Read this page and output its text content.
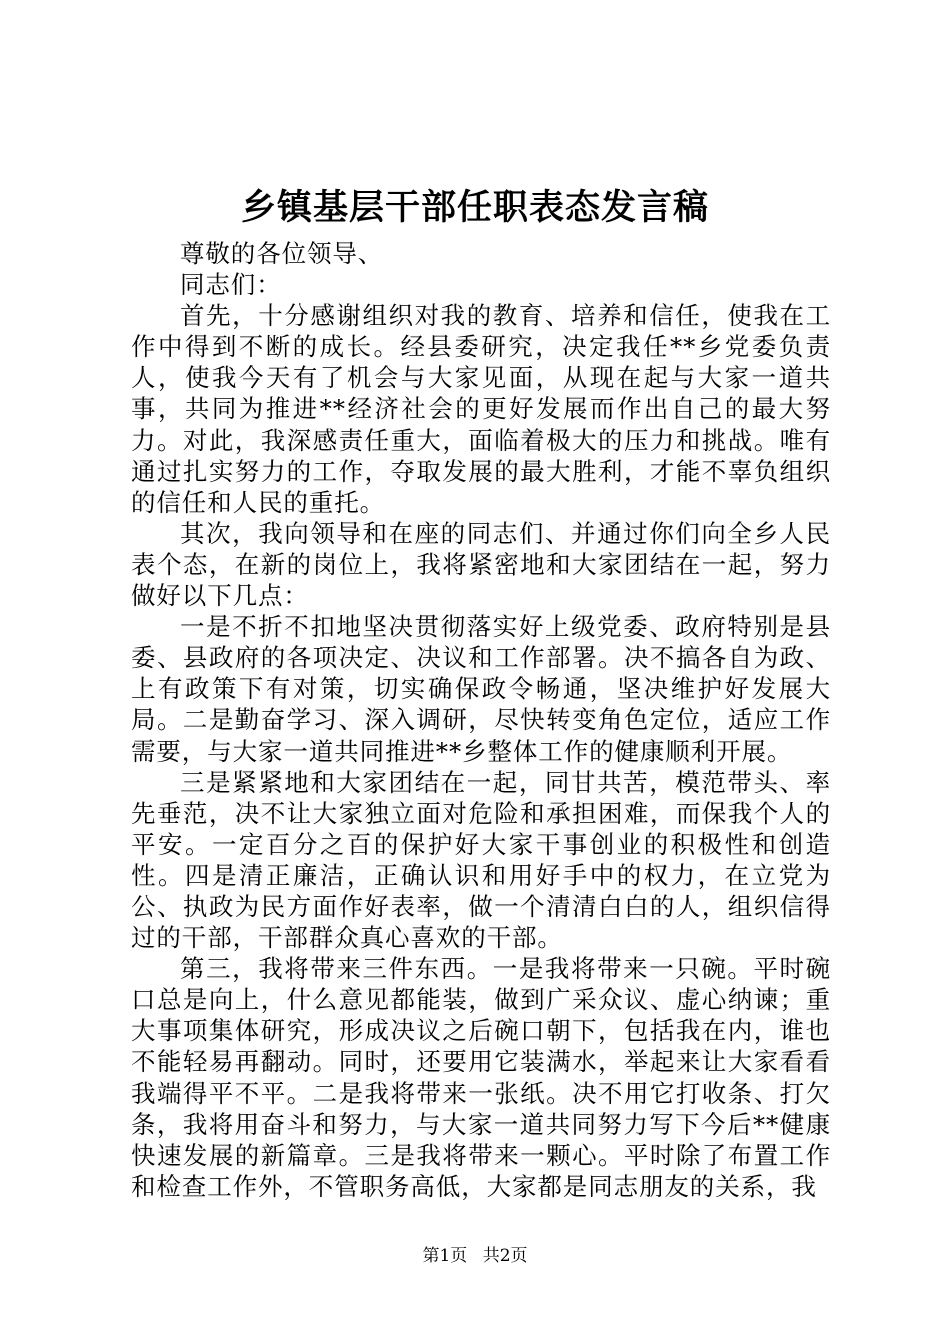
乡镇基层干部任职表态发言稿

尊敬的各位领导、

同志们：

首先，十分感谢组织对我的教育、培养和信任，使我在工作中得到不断的成长。经县委研究，决定我任**乡党委负责人，使我今天有了机会与大家见面，从现在起与大家一道共事，共同为推进**经济社会的更好发展而作出自己的最大努力。对此，我深感责任重大，面临着极大的压力和挑战。唯有通过扎实努力的工作，夺取发展的最大胜利，才能不辜负组织的信任和人民的重托。

其次，我向领导和在座的同志们、并通过你们向全乡人民表个态，在新的岗位上，我将紧密地和大家团结在一起，努力做好以下几点：

一是不折不扣地坚决贯彻落实好上级党委、政府特别是县委、县政府的各项决定、决议和工作部署。决不搞各自为政、上有政策下有对策，切实确保政令畅通，坚决维护好发展大局。二是勤奋学习、深入调研，尽快转变角色定位，适应工作需要，与大家一道共同推进**乡整体工作的健康顺利开展。

三是紧紧地和大家团结在一起，同甘共苦，模范带头、率先垂范，决不让大家独立面对危险和承担困难，而保我个人的平安。一定百分之百的保护好大家干事创业的积极性和创造性。四是清正廉洁，正确认识和用好手中的权力，在立党为公、执政为民方面作好表率，做一个清清白白的人，组织信得过的干部，干部群众真心喜欢的干部。

第三，我将带来三件东西。一是我将带来一只碗。平时碗口总是向上，什么意见都能装，做到广采众议、虚心纳谏；重大事项集体研究，形成决议之后碗口朝下，包括我在内，谁也不能轻易再翻动。同时，还要用它装满水，举起来让大家看看我端得平不平。二是我将带来一张纸。决不用它打收条、打欠条，我将用奋斗和努力，与大家一道共同努力写下今后**健康快速发展的新篇章。三是我将带来一颗心。平时除了布置工作和检查工作外，不管职务高低，大家都是同志朋友的关系，我

第1页 共2页
